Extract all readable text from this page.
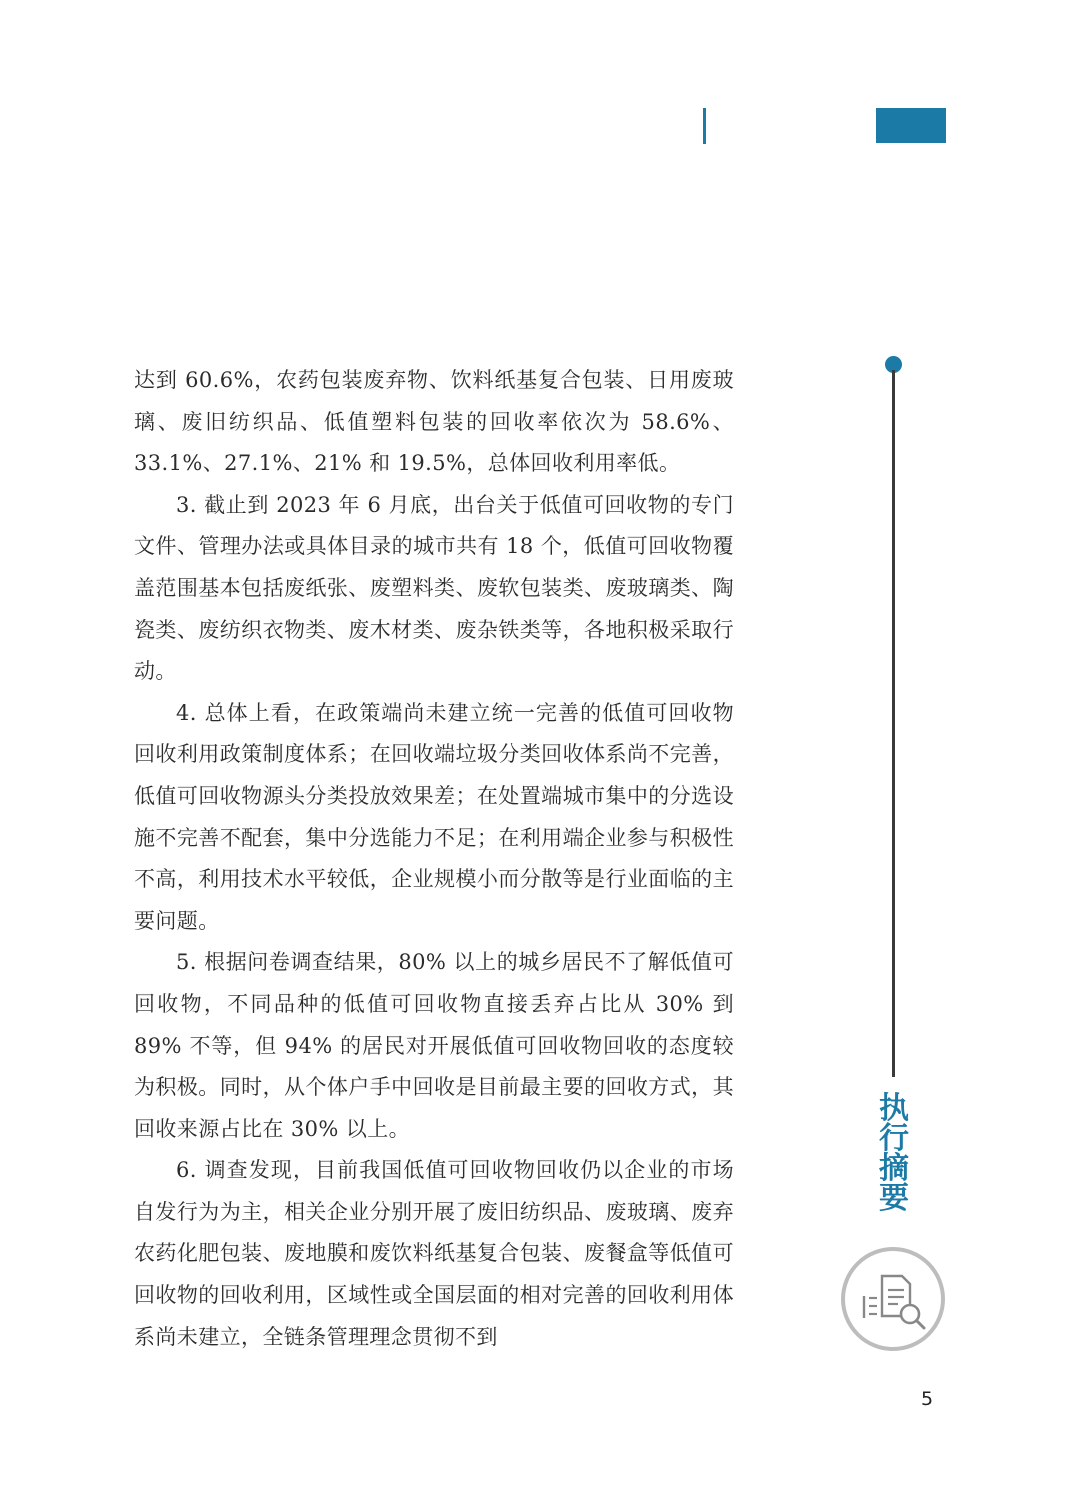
执行摘要

达到 60.6%，农药包装废弃物、饮料纸基复合包装、日用废玻璃、废旧纺织品、低值塑料包装的回收率依次为 58.6%、33.1%、27.1%、21% 和 19.5%，总体回收利用率低。

3. 截止到 2023 年 6 月底，出台关于低值可回收物的专门文件、管理办法或具体目录的城市共有 18 个，低值可回收物覆盖范围基本包括废纸张、废塑料类、废软包装类、废玻璃类、陶瓷类、废纺织衣物类、废木材类、废杂铁类等，各地积极采取行动。

4. 总体上看，在政策端尚未建立统一完善的低值可回收物回收利用政策制度体系；在回收端垃圾分类回收体系尚不完善，低值可回收物源头分类投放效果差；在处置端城市集中的分选设施不完善不配套，集中分选能力不足；在利用端企业参与积极性不高，利用技术水平较低，企业规模小而分散等是行业面临的主要问题。

5. 根据问卷调查结果，80% 以上的城乡居民不了解低值可回收物，不同品种的低值可回收物直接丢弃占比从 30% 到 89% 不等，但 94% 的居民对开展低值可回收物回收的态度较为积极。同时，从个体户手中回收是目前最主要的回收方式，其回收来源占比在 30% 以上。

6. 调查发现，目前我国低值可回收物回收仍以企业的市场自发行为为主，相关企业分别开展了废旧纺织品、废玻璃、废弃农药化肥包装、废地膜和废饮料纸基复合包装、废餐盒等低值可回收物的回收利用，区域性或全国层面的相对完善的回收利用体系尚未建立，全链条管理理念贯彻不到

5
